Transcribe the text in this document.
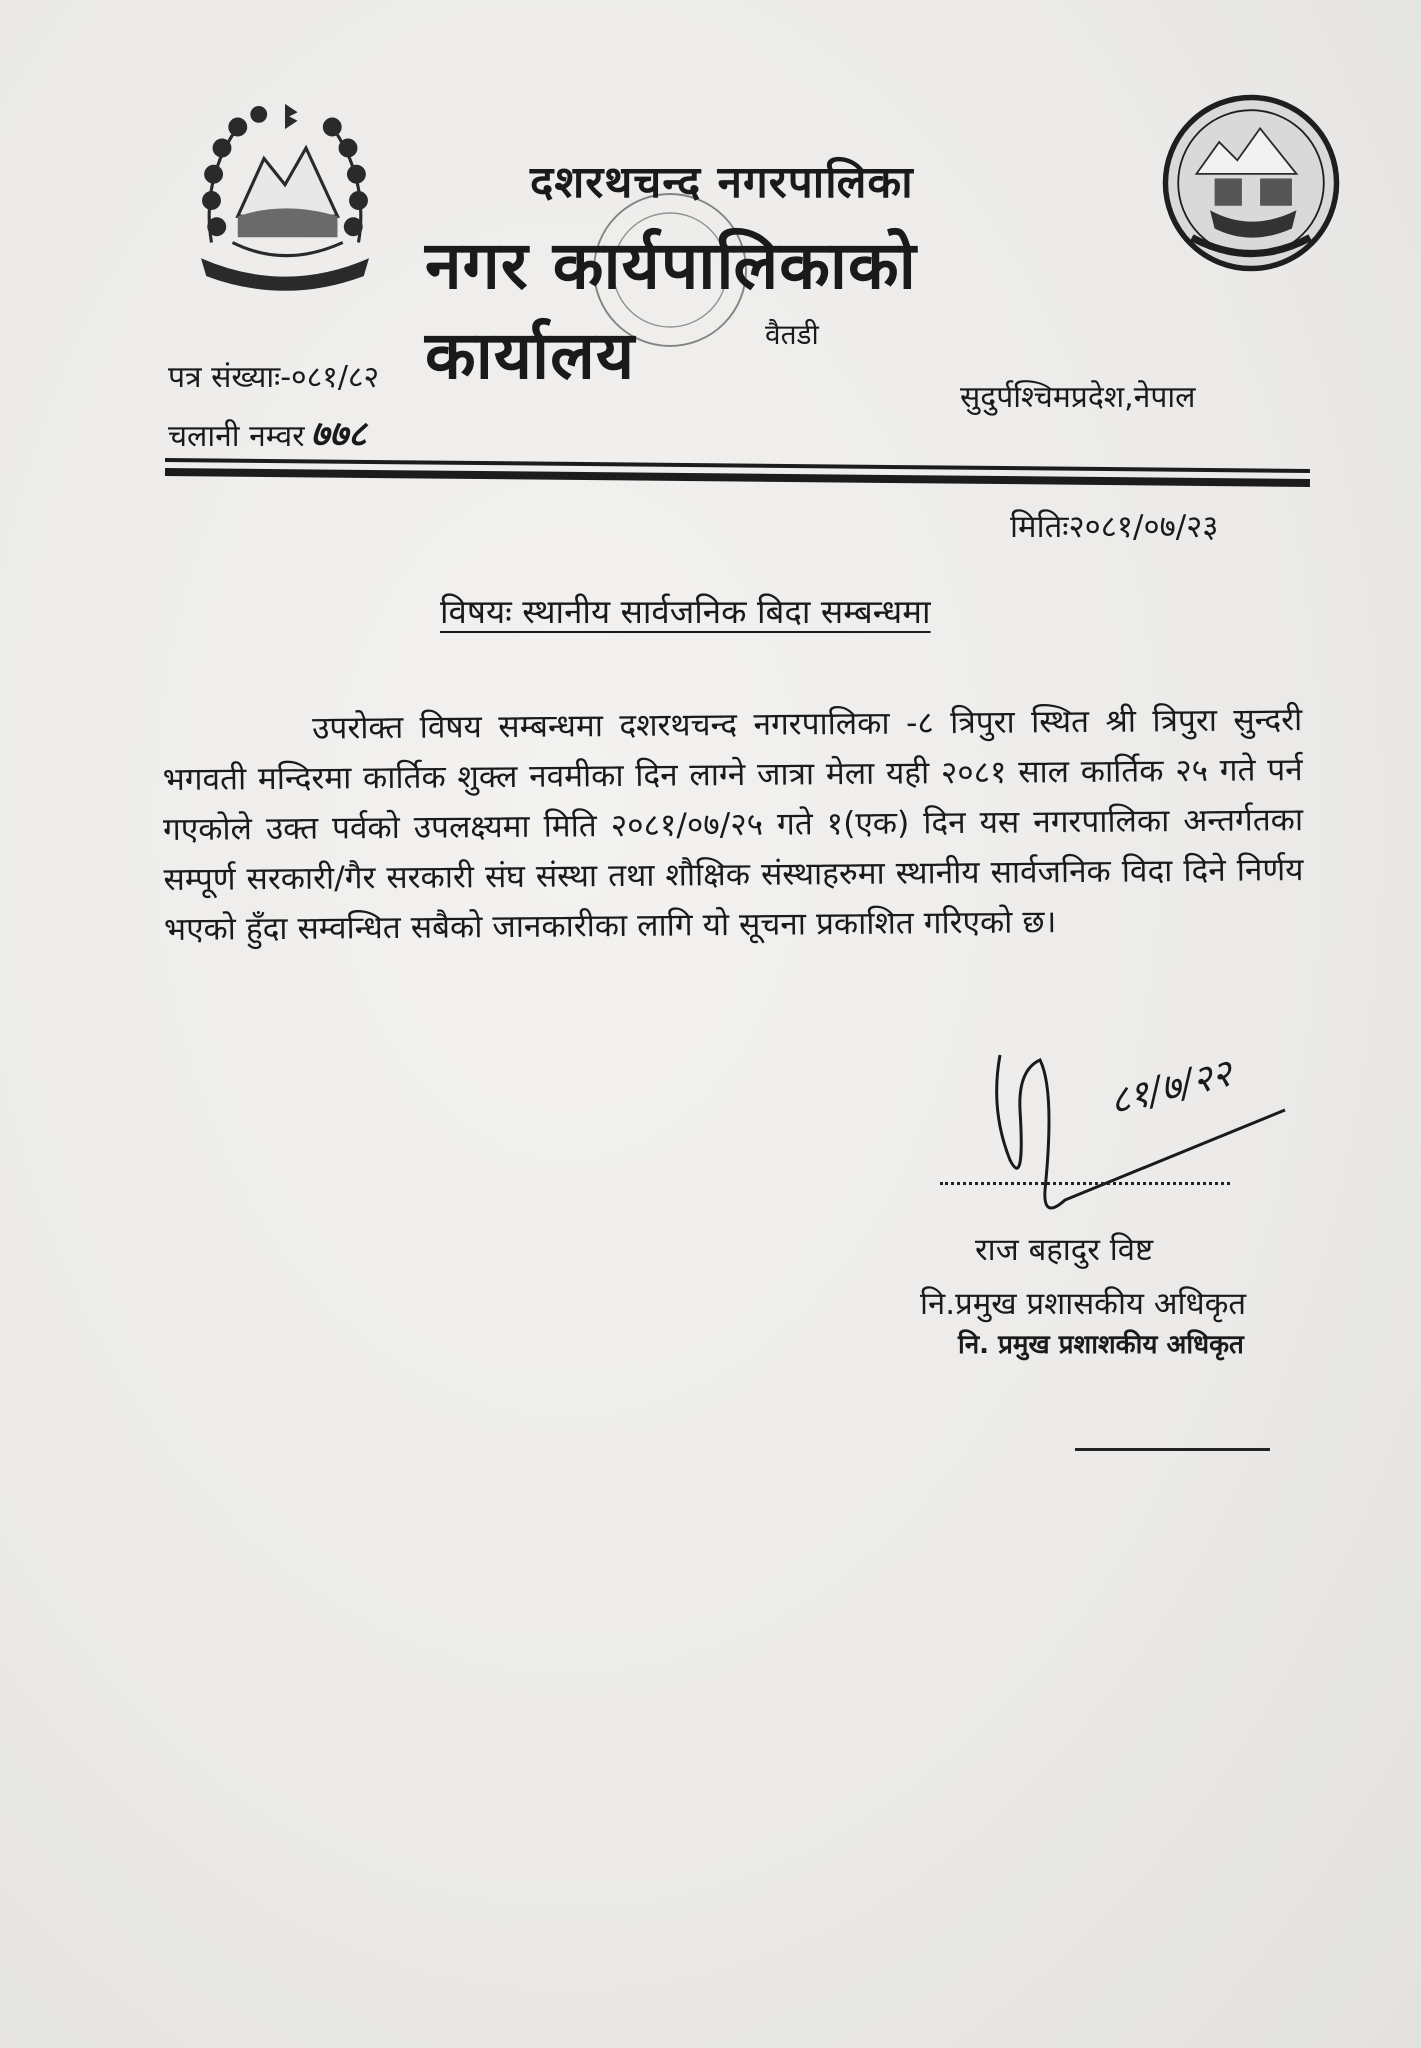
दशरथचन्द नगरपालिका
नगर कार्यपालिकाको कार्यालय	वैतडी
पत्र संख्याः-०८१/८२
चलानी नम्वर ७७८
सुदुर्पश्चिमप्रदेश,नेपाल
मितिः२०८१/०७/२३
विषयः स्थानीय सार्वजनिक बिदा सम्बन्धमा
उपरोक्त विषय सम्बन्धमा दशरथचन्द नगरपालिका -८ त्रिपुरा स्थित श्री त्रिपुरा सुन्दरी भगवती मन्दिरमा कार्तिक शुक्ल नवमीका दिन लाग्ने जात्रा मेला यही २०८१ साल कार्तिक २५ गते पर्न गएकोले उक्त पर्वको उपलक्ष्यमा मिति २०८१/०७/२५ गते १(एक) दिन यस नगरपालिका अन्तर्गतका सम्पूर्ण सरकारी/गैर सरकारी संघ संस्था तथा शौक्षिक संस्थाहरुमा स्थानीय सार्वजनिक विदा दिने निर्णय भएको हुँदा सम्वन्धित सबैको जानकारीका लागि यो सूचना प्रकाशित गरिएको छ।
८१/७/२२
राज बहादुर विष्ट
नि.प्रमुख प्रशासकीय अधिकृत
नि. प्रमुख प्रशाशकीय अधिकृत
